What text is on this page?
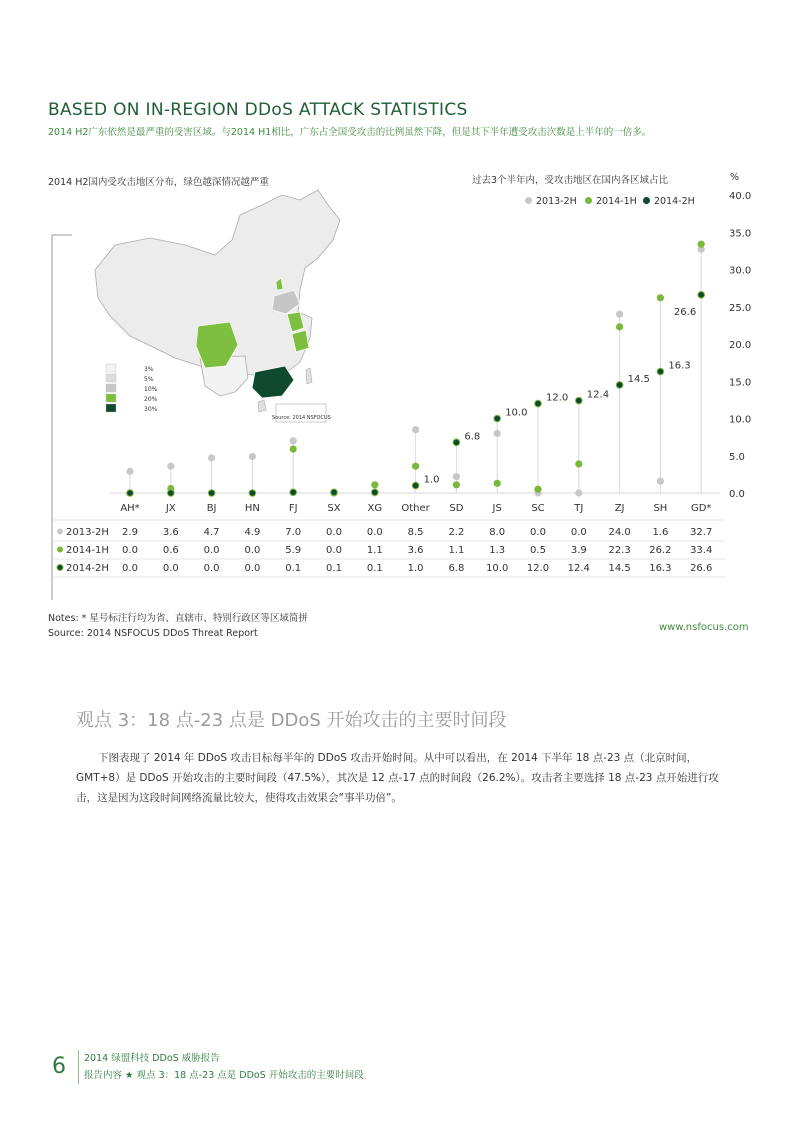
BASED ON IN-REGION DDoS ATTACK STATISTICS
2014 H2广东依然是最严重的受害区域。与2014 H1相比，广东占全国受攻击的比例虽然下降，但是其下半年遭受攻击次数是上半年的一倍多。
2014 H2国内受攻击地区分布，绿色越深情况越严重	过去3个半年内，受攻击地区在国内各区域占比	%
2013-2H	2014-1H	2014-2H
3%
5%
10%
20%
30%
Source: 2014 NSFOCUS
0.0
5.0
10.0
15.0
20.0
25.0
30.0
35.0
40.0
AH*	JX	BJ	HN	FJ	SX	XG Other SD	JS	SC	TJ	ZJ	SH GD*
1.0
6.8
10.0
12.0 12.4
14.5
16.3
26.6
2013-2H 2.9 3.6 4.7 4.9 7.0 0.0 0.0 8.5 2.2 8.0 0.0 0.0 24.0 1.6 32.7
2014-1H 0.0 0.6 0.0 0.0 5.9 0.0 1.1 3.6 1.1 1.3 0.5 3.9 22.3 26.2 33.4
2014-2H 0.0 0.0 0.0 0.0 0.1 0.1 0.1 1.0 6.8 10.0 12.0 12.4 14.5 16.3 26.6
Notes: * 星号标注行均为省、直辖市、特别行政区等区域简拼
Source: 2014 NSFOCUS DDoS Threat Report
www.nsfocus.com
观点 3：18 点-23 点是 DDoS 开始攻击的主要时间段
下图表现了 2014 年 DDoS 攻击目标每半年的 DDoS 攻击开始时间。从中可以看出，在 2014 下半年 18 点-23 点（北京时间，GMT+8）是 DDoS 开始攻击的主要时间段（47.5%），其次是 12 点-17 点的时间段（26.2%）。攻击者主要选择 18 点-23 点开始进行攻击，这是因为这段时间网络流量比较大，使得攻击效果会“事半功倍”。
6 2014 绿盟科技 DDoS 威胁报告
报告内容 ★ 观点 3：18 点-23 点是 DDoS 开始攻击的主要时间段
